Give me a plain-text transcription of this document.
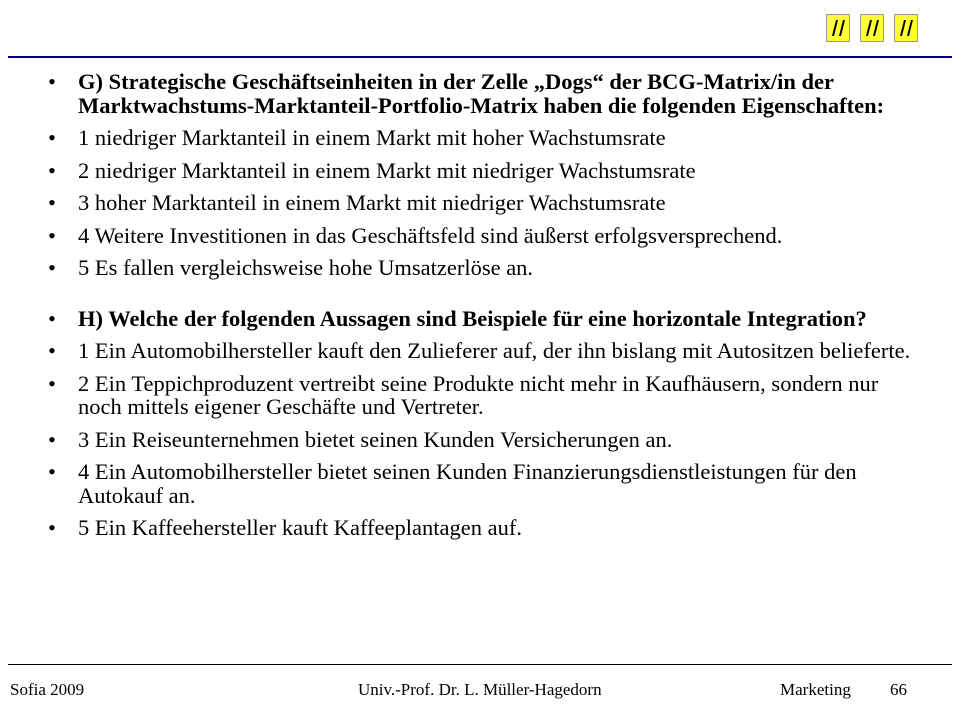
• G) Strategische Geschäftseinheiten in der Zelle „Dogs“ der BCG-Matrix/in der Marktwachstums-Marktanteil-Portfolio-Matrix haben die folgenden Eigenschaften:
• 1 niedriger Marktanteil in einem Markt mit hoher Wachstumsrate
• 2 niedriger Marktanteil in einem Markt mit niedriger Wachstumsrate
• 3 hoher Marktanteil in einem Markt mit niedriger Wachstumsrate
• 4 Weitere Investitionen in das Geschäftsfeld sind äußerst erfolgsversprechend.
• 5 Es fallen vergleichsweise hohe Umsatzerlöse an.
• H) Welche der folgenden Aussagen sind Beispiele für eine horizontale Integration?
• 1 Ein Automobilhersteller kauft den Zulieferer auf, der ihn bislang mit Autositzen belieferte.
• 2 Ein Teppichproduzent vertreibt seine Produkte nicht mehr in Kaufhäusern, sondern nur noch mittels eigener Geschäfte und Vertreter.
• 3 Ein Reiseunternehmen bietet seinen Kunden Versicherungen an.
• 4 Ein Automobilhersteller bietet seinen Kunden Finanzierungsdienstleistungen für den Autokauf an.
• 5 Ein Kaffeehersteller kauft Kaffeeplantagen auf.
Sofia 2009	Univ.-Prof. Dr. L. Müller-Hagedorn	Marketing 66
